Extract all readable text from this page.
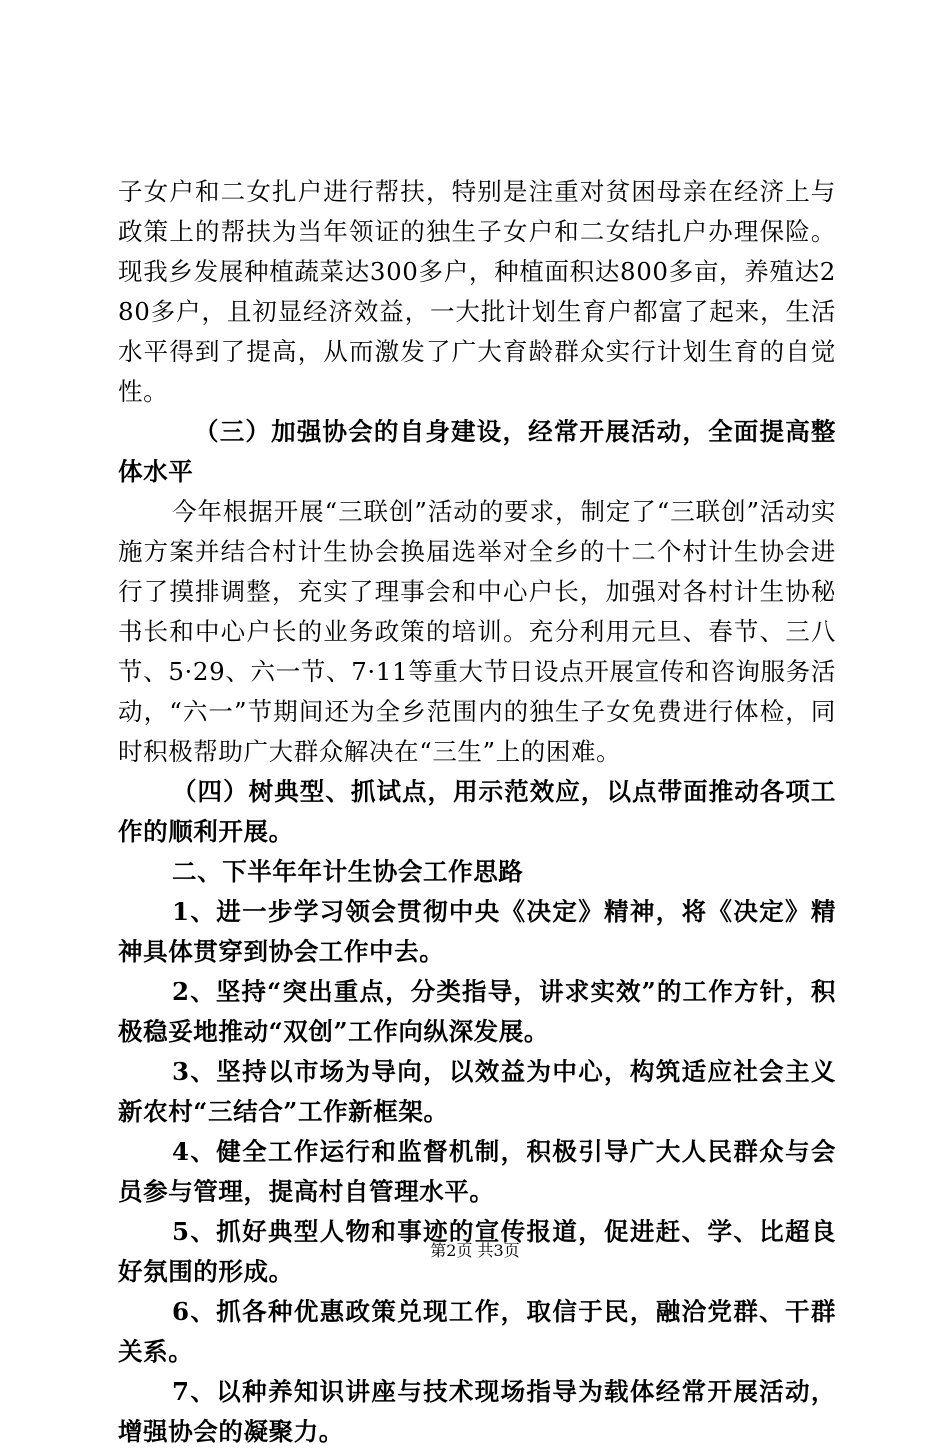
子女户和二女扎户进行帮扶，特别是注重对贫困母亲在经济上与政策上的帮扶为当年领证的独生子女户和二女结扎户办理保险。现我乡发展种植蔬菜达300多户，种植面积达800多亩，养殖达280多户，且初显经济效益，一大批计划生育户都富了起来，生活水平得到了提高，从而激发了广大育龄群众实行计划生育的自觉性。

（三）加强协会的自身建设，经常开展活动，全面提高整体水平

今年根据开展“三联创”活动的要求，制定了“三联创”活动实施方案并结合村计生协会换届选举对全乡的十二个村计生协会进行了摸排调整，充实了理事会和中心户长，加强对各村计生协秘书长和中心户长的业务政策的培训。充分利用元旦、春节、三八节、5·29、六一节、7·11等重大节日设点开展宣传和咨询服务活动，“六一”节期间还为全乡范围内的独生子女免费进行体检，同时积极帮助广大群众解决在“三生”上的困难。

（四）树典型、抓试点，用示范效应，以点带面推动各项工作的顺利开展。

二、下半年年计生协会工作思路

1、进一步学习领会贯彻中央《决定》精神，将《决定》精神具体贯穿到协会工作中去。

2、坚持“突出重点，分类指导，讲求实效”的工作方针，积极稳妥地推动“双创”工作向纵深发展。

3、坚持以市场为导向，以效益为中心，构筑适应社会主义新农村“三结合”工作新框架。

4、健全工作运行和监督机制，积极引导广大人民群众与会员参与管理，提高村自管理水平。

5、抓好典型人物和事迹的宣传报道，促进赶、学、比超良好氛围的形成。

6、抓各种优惠政策兑现工作，取信于民，融洽党群、干群关系。

7、以种养知识讲座与技术现场指导为载体经常开展活动，增强协会的凝聚力。

第2页 共3页
